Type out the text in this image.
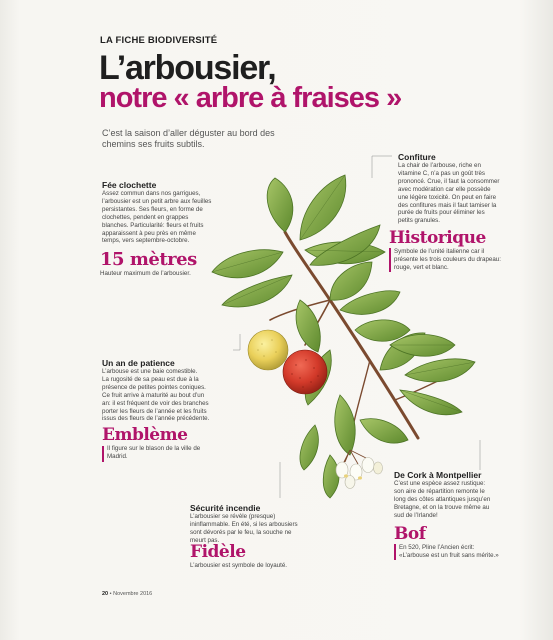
LA FICHE BIODIVERSITÉ
L’arbousier,
notre « arbre à fraises »
C’est la saison d’aller déguster au bord des chemins ses fruits subtils.
Fée clochette
Assez commun dans nos garrigues,
l’arbousier est un petit arbre aux feuilles
persistantes. Ses fleurs, en forme de
clochettes, pendent en grappes
blanches. Particularité: fleurs et fruits
apparaissent à peu près en même
temps, vers septembre-octobre.
15 mètres
Hauteur maximum de l’arbousier.
Un an de patience
L’arbouse est une baie comestible.
La rugosité de sa peau est due à la
présence de petites pointes coniques.
Ce fruit arrive à maturité au bout d’un
an: il est fréquent de voir des branches
porter les fleurs de l’année et les fruits
issus des fleurs de l’année précédente.
Emblème
Il figure sur le blason de la ville de
Madrid.
Sécurité incendie
L’arbousier se révèle (presque)
ininflammable. En été, si les arbousiers
sont dévorés par le feu, la souche ne
meurt pas.
Fidèle
L’arbousier est symbole de loyauté.
Confiture
La chair de l’arbouse, riche en
vitamine C, n’a pas un goût très
prononcé. Crue, il faut la consommer
avec modération car elle possède
une légère toxicité. On peut en faire
des confitures mais il faut tamiser la
purée de fruits pour éliminer les
petits granules.
Historique
Symbole de l’unité italienne car il
présente les trois couleurs du drapeau:
rouge, vert et blanc.
De Cork à Montpellier
C’est une espèce assez rustique:
son aire de répartition remonte le
long des côtes atlantiques jusqu’en
Bretagne, et on la trouve même au
sud de l’Irlande!
Bof
En 520, Pline l’Ancien écrit:
«L’arbouse est un fruit sans mérite.»
20 • Novembre 2016
